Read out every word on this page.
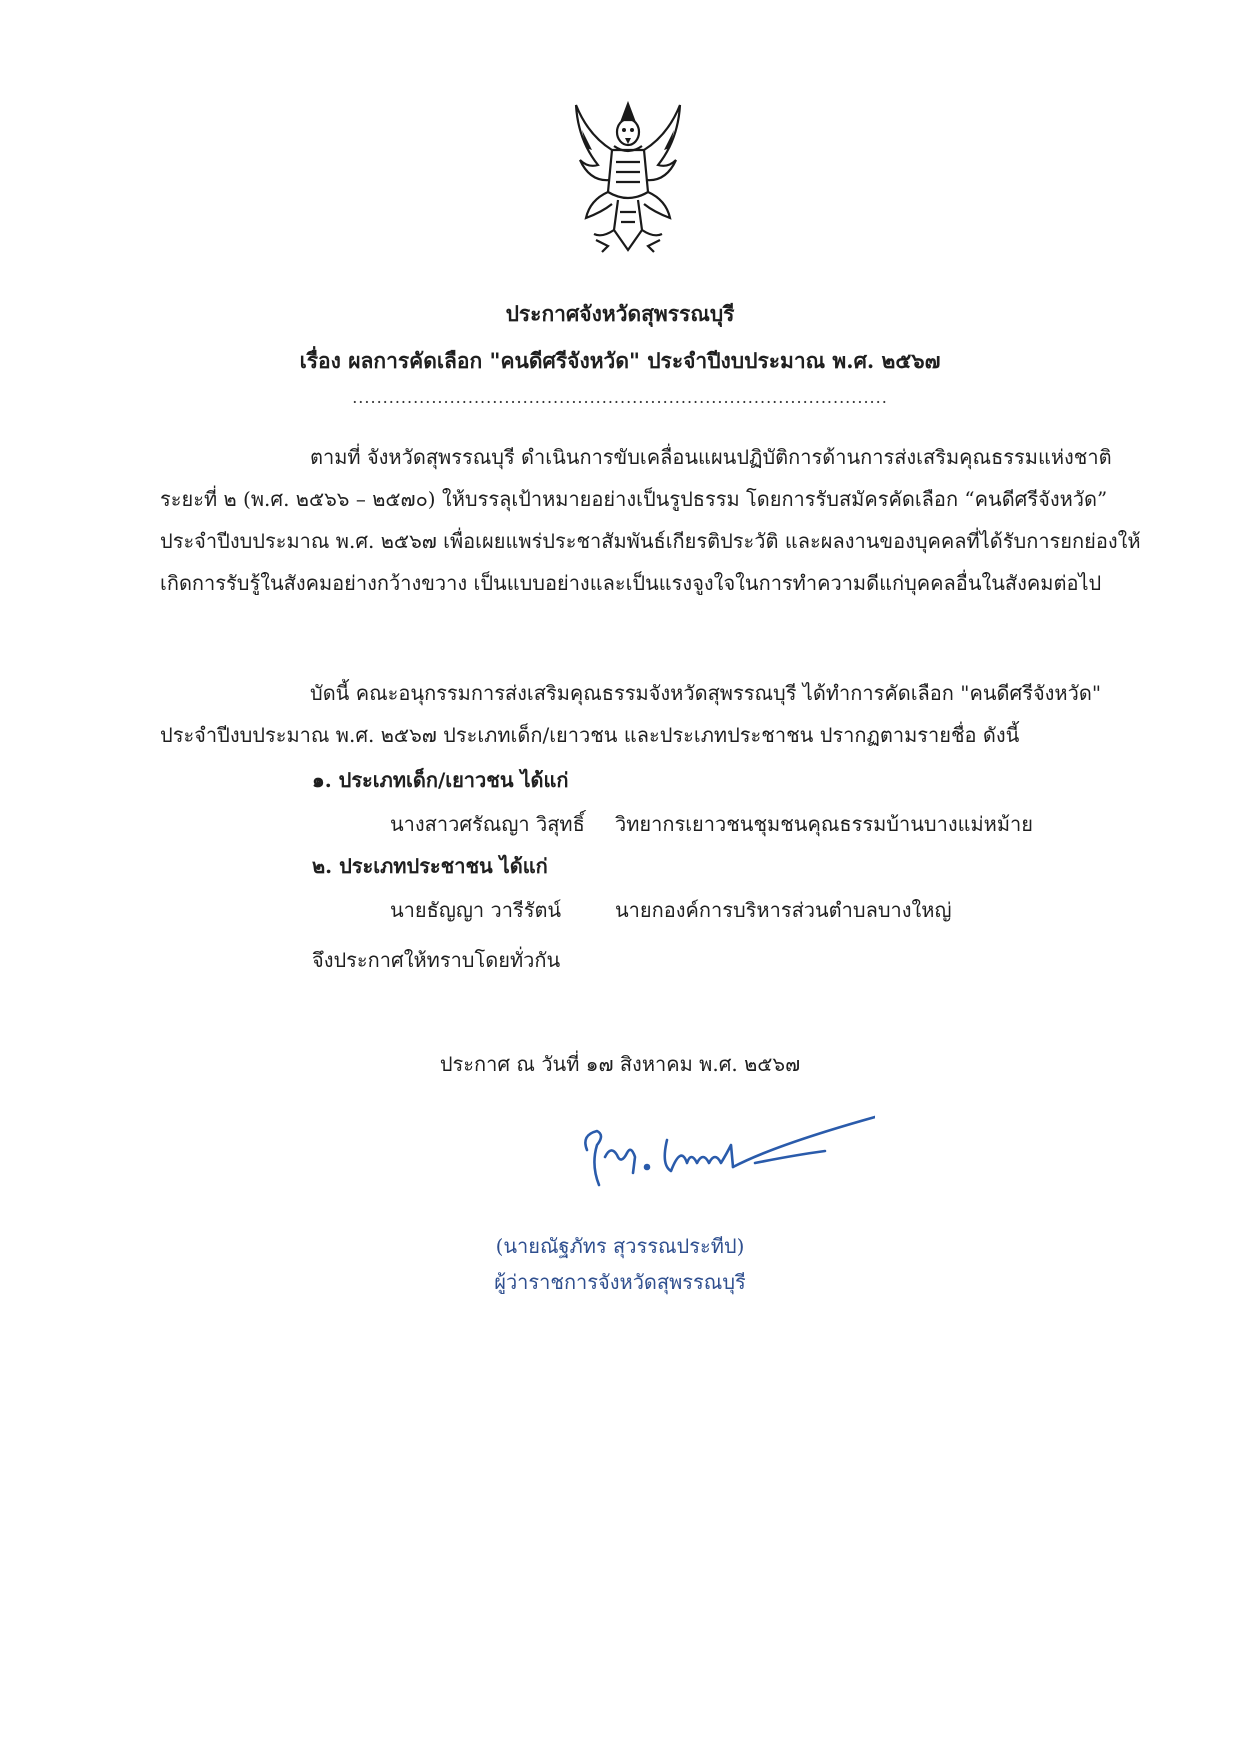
ประกาศจังหวัดสุพรรณบุรี
เรื่อง ผลการคัดเลือก "คนดีศรีจังหวัด" ประจำปีงบประมาณ พ.ศ. ๒๕๖๗
........................................................................................

ตามที่ จังหวัดสุพรรณบุรี ดำเนินการขับเคลื่อนแผนปฏิบัติการด้านการส่งเสริมคุณธรรมแห่งชาติ ระยะที่ ๒ (พ.ศ. ๒๕๖๖ – ๒๕๗๐) ให้บรรลุเป้าหมายอย่างเป็นรูปธรรม โดยการรับสมัครคัดเลือก “คนดีศรีจังหวัด” ประจำปีงบประมาณ พ.ศ. ๒๕๖๗ เพื่อเผยแพร่ประชาสัมพันธ์เกียรติประวัติ และผลงานของบุคคลที่ได้รับการยกย่องให้เกิดการรับรู้ในสังคมอย่างกว้างขวาง เป็นแบบอย่างและเป็นแรงจูงใจในการทำความดีแก่บุคคลอื่นในสังคมต่อไป

บัดนี้ คณะอนุกรรมการส่งเสริมคุณธรรมจังหวัดสุพรรณบุรี ได้ทำการคัดเลือก "คนดีศรีจังหวัด" ประจำปีงบประมาณ พ.ศ. ๒๕๖๗ ประเภทเด็ก/เยาวชน และประเภทประชาชน ปรากฏตามรายชื่อ ดังนี้

๑. ประเภทเด็ก/เยาวชน ได้แก่
นางสาวศรัณญา วิสุทธิ์ วิทยากรเยาวชนชุมชนคุณธรรมบ้านบางแม่หม้าย
๒. ประเภทประชาชน ได้แก่
นายธัญญา วารีรัตน์	นายกองค์การบริหารส่วนตำบลบางใหญ่
จึงประกาศให้ทราบโดยทั่วกัน
ประกาศ ณ วันที่ ๑๗ สิงหาคม พ.ศ. ๒๕๖๗
(นายณัฐภัทร สุวรรณประทีป)
ผู้ว่าราชการจังหวัดสุพรรณบุรี
